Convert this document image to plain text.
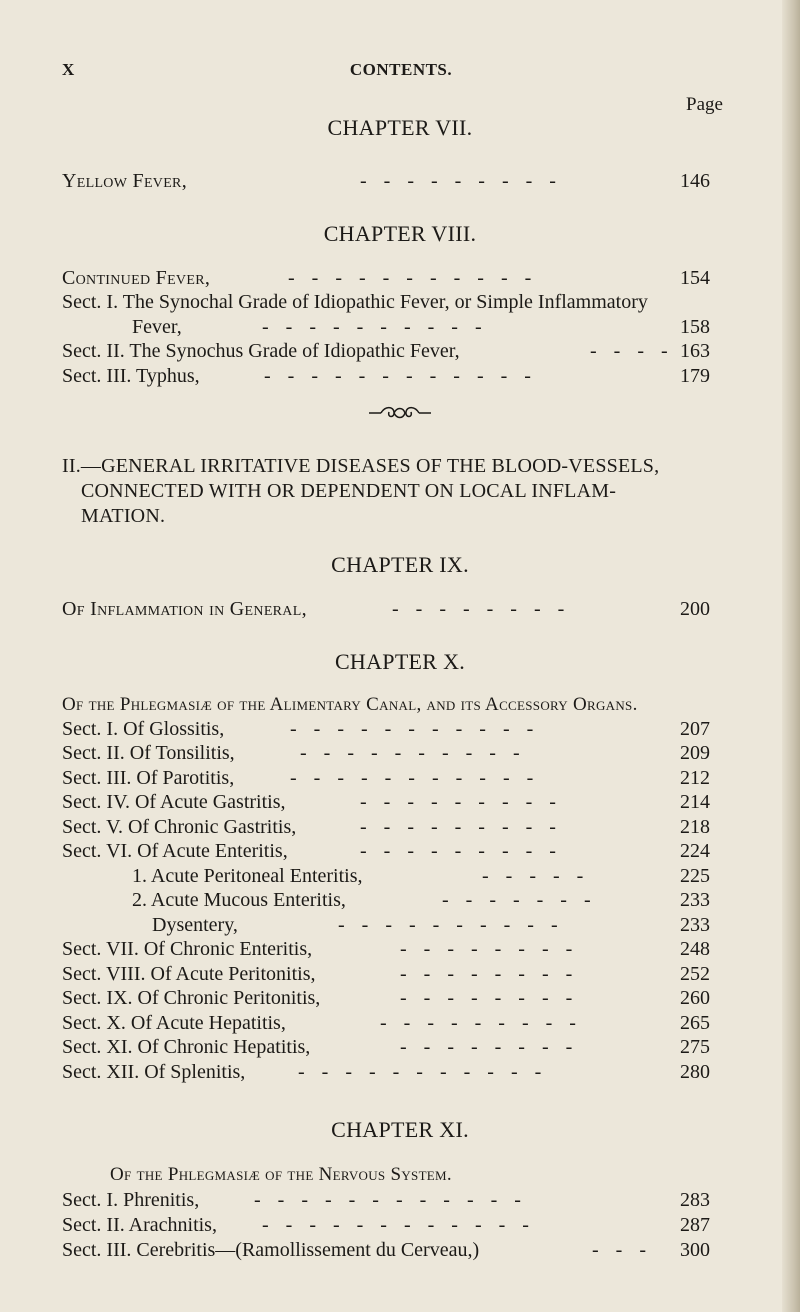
X	CONTENTS.
Page
CHAPTER VII.
Yellow Fever,	- - - - - - - - -	146
CHAPTER VIII.
Continued Fever,	- - - - - - - - - - -	154
Sect. I. The Synochal Grade of Idiopathic Fever, or Simple Inflammatory
Fever,	- - - - - - - - - -	158
Sect. II. The Synochus Grade of Idiopathic Fever,	- - - - 163
Sect. III. Typhus,	- - - - - - - - - - - -	179
II.—GENERAL IRRITATIVE DISEASES OF THE BLOOD-VESSELS,
CONNECTED WITH OR DEPENDENT ON LOCAL INFLAM-
MATION.
CHAPTER IX.
Of Inflammation in General,	- - - - - - - -	200
CHAPTER X.
Of the Phlegmasiæ of the Alimentary Canal, and its Accessory Organs.
Sect. I. Of Glossitis,	- - - - - - - - - - -	207
Sect. II. Of Tonsilitis,	- - - - - - - - - -	209
Sect. III. Of Parotitis,	- - - - - - - - - - -	212
Sect. IV. Of Acute Gastritis,	- - - - - - - - -	214
Sect. V. Of Chronic Gastritis,	- - - - - - - - -	218
Sect. VI. Of Acute Enteritis,	- - - - - - - - -	224
1. Acute Peritoneal Enteritis,	- - - - -	225
2. Acute Mucous Enteritis,	- - - - - - -	233
Dysentery,	- - - - - - - - - -	233
Sect. VII. Of Chronic Enteritis,	- - - - - - - -	248
Sect. VIII. Of Acute Peritonitis,	- - - - - - - -	252
Sect. IX. Of Chronic Peritonitis,	- - - - - - - -	260
Sect. X. Of Acute Hepatitis,	- - - - - - - - -	265
Sect. XI. Of Chronic Hepatitis,	- - - - - - - -	275
Sect. XII. Of Splenitis,	- - - - - - - - - - -	280
CHAPTER XI.
Of the Phlegmasiæ of the Nervous System.
Sect. I. Phrenitis,	- - - - - - - - - - - -	283
Sect. II. Arachnitis, - - - - - - - - - - - -	287
Sect. III. Cerebritis—(Ramollissement du Cerveau,)	- - - 300
